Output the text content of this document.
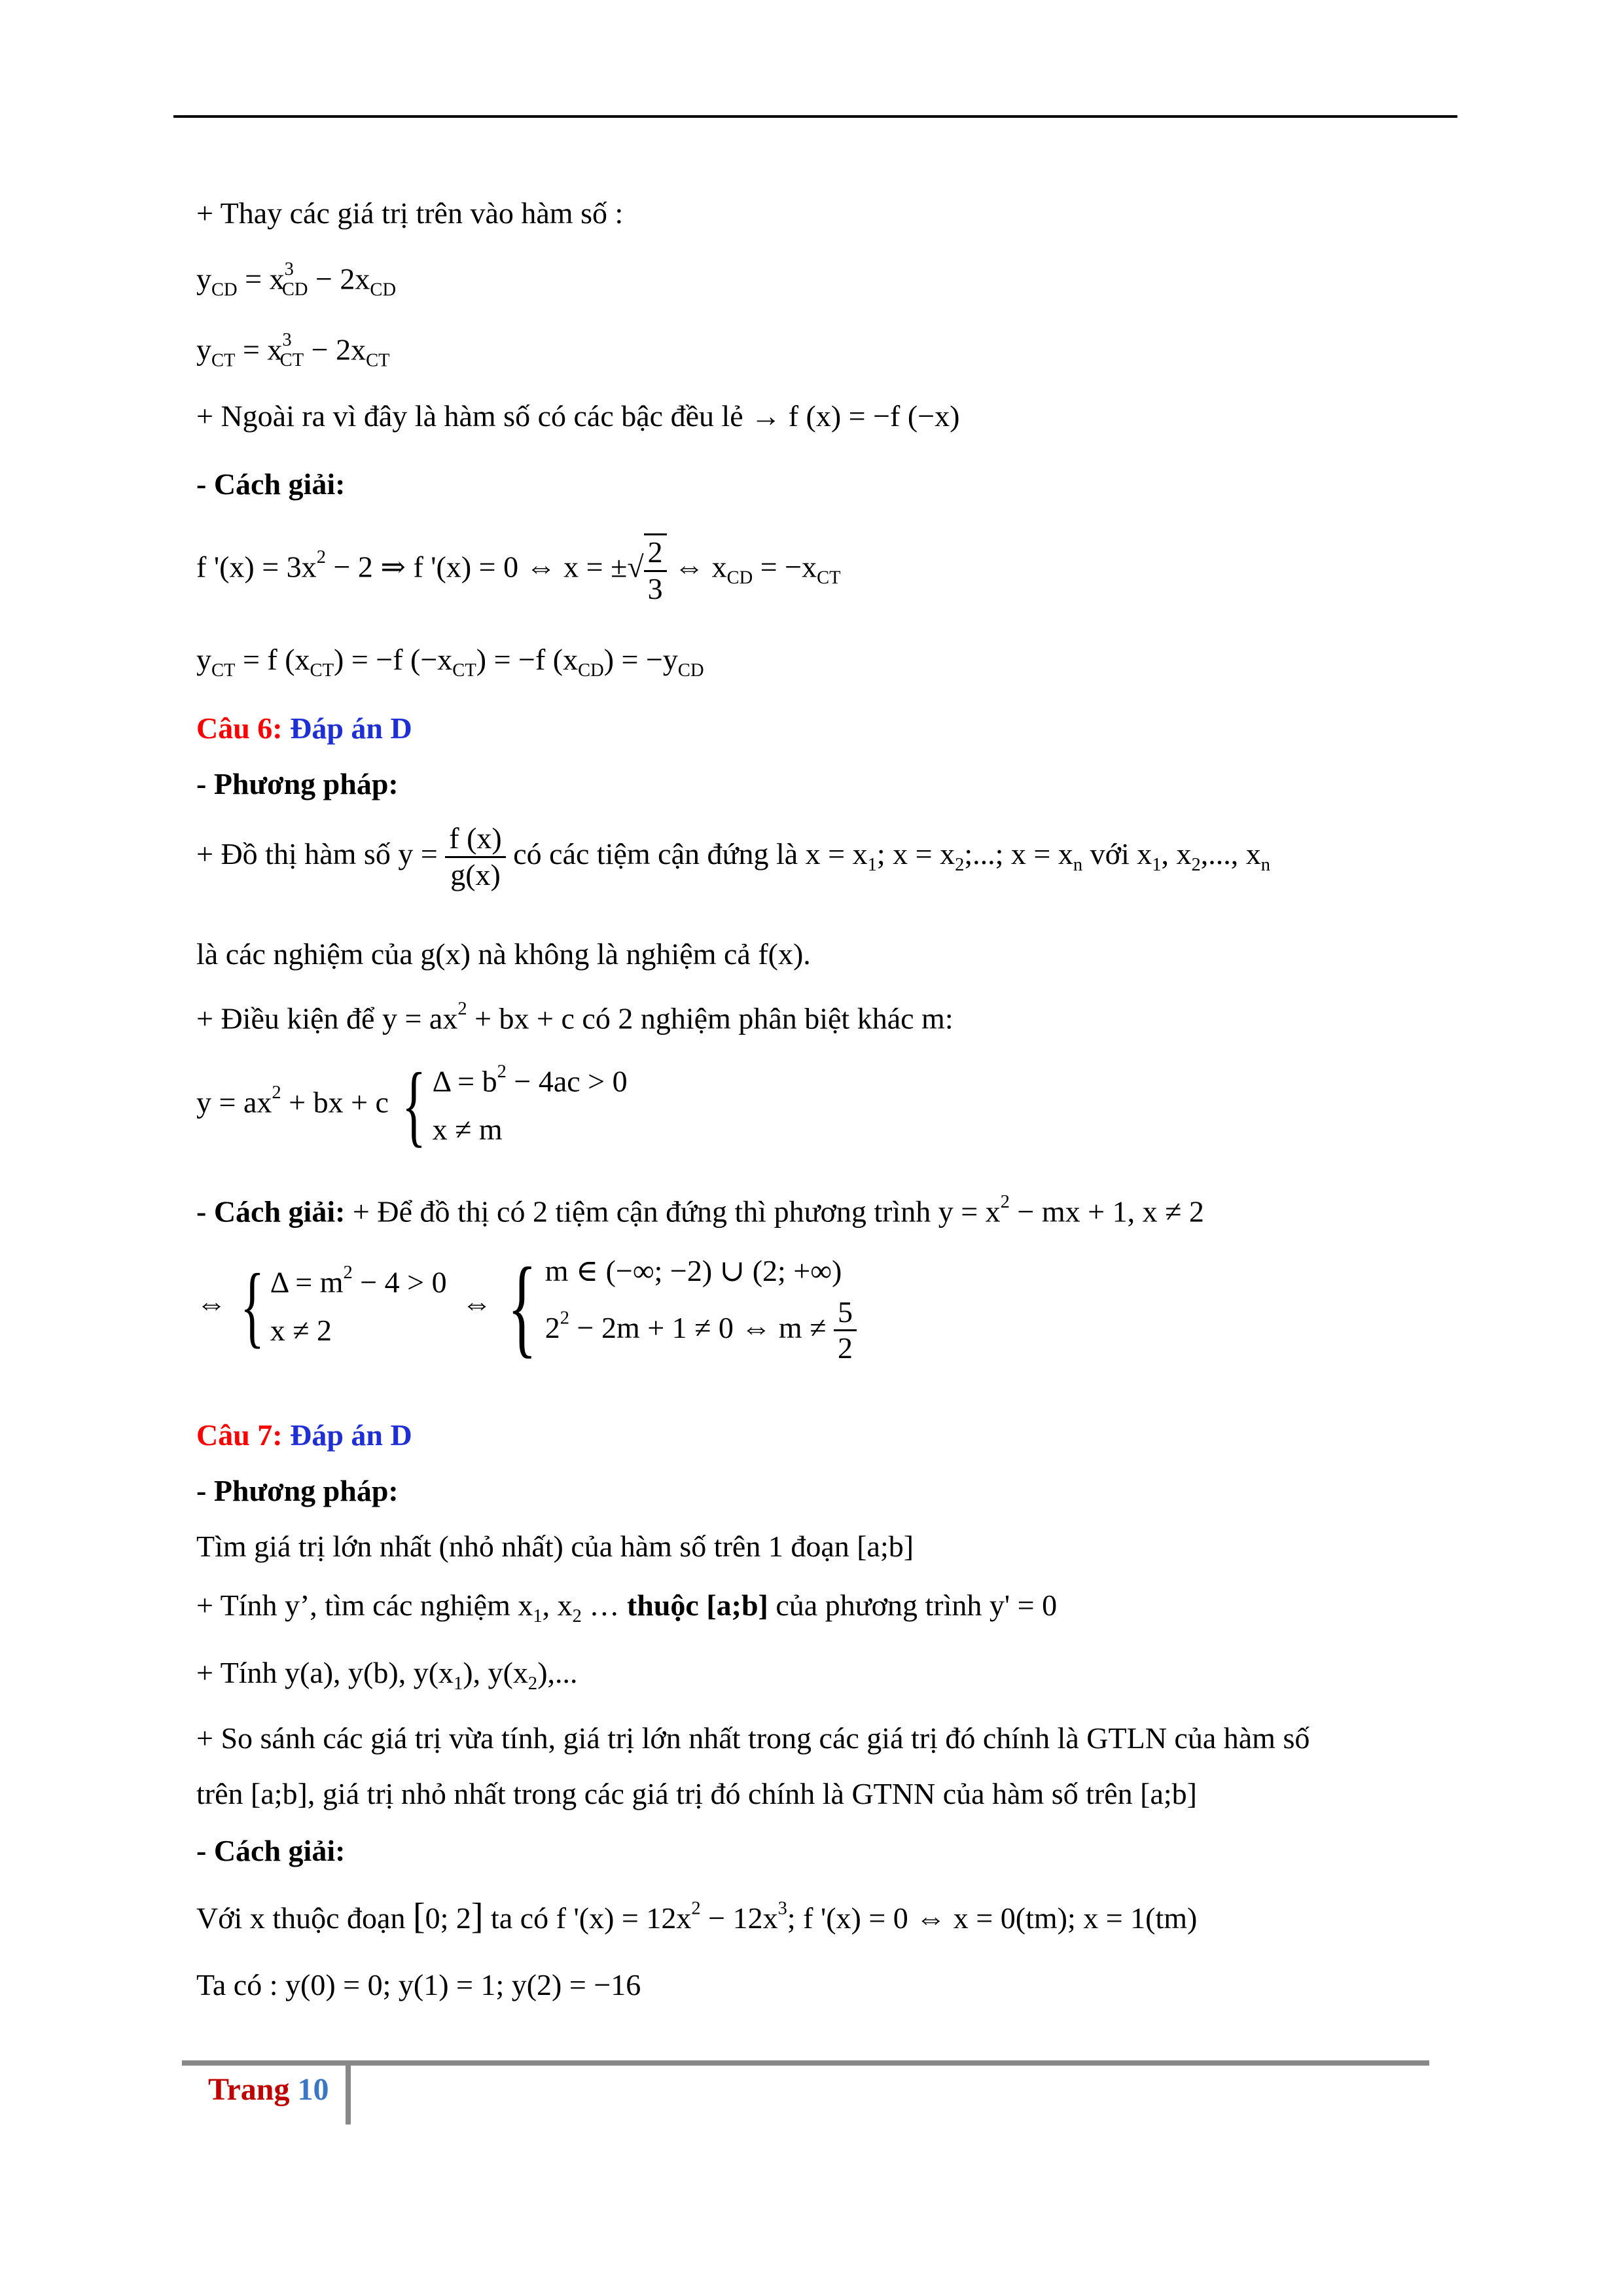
+ Thay các giá trị trên vào hàm số :
$y_{CD} = x^3_{CD} - 2x_{CD}$
$y_{CT} = x^3_{CT} - 2x_{CT}$
+ Ngoài ra vì đây là hàm số có các bậc đều lẻ → f (x) = −f (−x)
- Cách giải:
f '$(x) = 3x^2 - 2$ ⇒ f '(x) = 0 ⇔ x = ±√ $\frac{2}{3}$ ⇔ $x_{CD} = -x_{CT}$
$y_{CT} = f$ $(x_{CT}) = -f$ $(-x_{CT}) = -f$ $(x_{CD}) = -y_{CD}$
Câu 6: Đáp án D
- Phương pháp:
+ Đồ thị hàm số $y = \frac{f (x)}{g(x)}$ có các tiệm cận đứng là $x = x_1$; $x = x_2$;...; $x = x_n$ với $x_1$, $x_2$,..., $x_n$
là các nghiệm của g(x) nà không là nghiệm cả f(x).
+ Điều kiện để $y = ax^2$ + bx + c có 2 nghiệm phân biệt khác m:
$y = ax^2$ + bx + c { $\Delta = b^2 - 4ac > 0$
x ≠ m
- Cách giải: + Để đồ thị có 2 tiệm cận đứng thì phương trình $y = x^2$ − mx + 1, x ≠ 2
⇔ { $\Delta = m^2 - 4 > 0$
x ≠ 2
⇔ { m ∈ (−∞; −2) ∪ (2; +∞)
$2^2 - 2m + 1 \ne 0$ ⇔ $m \ne \frac{5}{2}$
Câu 7: Đáp án D
- Phương pháp:
Tìm giá trị lớn nhất (nhỏ nhất) của hàm số trên 1 đoạn [a;b]
+ Tính y’, tìm các nghiệm $x_1$, $x_2$ … thuộc [a;b] của phương trình y' = 0
+ Tính y(a), y(b), $y(x_1)$, $y(x_2)$,...
+ So sánh các giá trị vừa tính, giá trị lớn nhất trong các giá trị đó chính là GTLN của hàm số
trên [a;b], giá trị nhỏ nhất trong các giá trị đó chính là GTNN của hàm số trên [a;b]
- Cách giải:
Với x thuộc đoạn [0; 2] ta có f '$(x) = 12x^2 - 12x^3$; f '(x) = 0 ⇔ x = 0(tm); x = 1(tm)
Ta có : y(0) = 0; y(1) = 1; y(2) = −16
Trang 10
